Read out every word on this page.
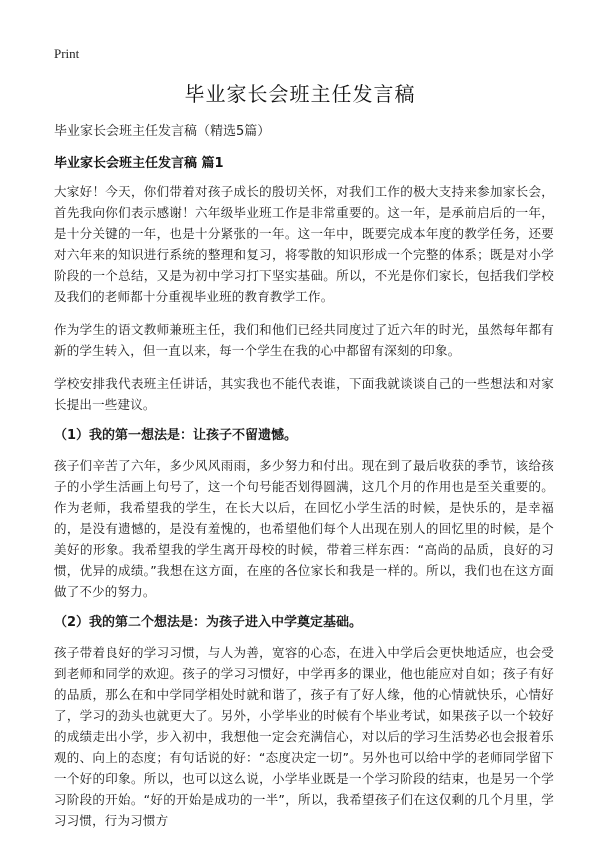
Print
毕业家长会班主任发言稿
毕业家长会班主任发言稿（精选5篇）
毕业家长会班主任发言稿 篇1

大家好！今天，你们带着对孩子成长的殷切关怀，对我们工作的极大支持来参加家长会，首先我向你们表示感谢！六年级毕业班工作是非常重要的。这一年，是承前启后的一年，是十分关键的一年，也是十分紧张的一年。这一年中，既要完成本年度的教学任务，还要对六年来的知识进行系统的整理和复习，将零散的知识形成一个完整的体系；既是对小学阶段的一个总结，又是为初中学习打下坚实基础。所以，不光是你们家长，包括我们学校及我们的老师都十分重视毕业班的教育教学工作。

作为学生的语文教师兼班主任，我们和他们已经共同度过了近六年的时光，虽然每年都有新的学生转入，但一直以来，每一个学生在我的心中都留有深刻的印象。

学校安排我代表班主任讲话，其实我也不能代表谁，下面我就谈谈自己的一些想法和对家长提出一些建议。

（1）我的第一想法是：让孩子不留遗憾。

孩子们辛苦了六年，多少风风雨雨，多少努力和付出。现在到了最后收获的季节，该给孩子的小学生活画上句号了，这一个句号能否划得圆满，这几个月的作用也是至关重要的。作为老师，我希望我的学生，在长大以后，在回忆小学生活的时候，是快乐的，是幸福的，是没有遗憾的，是没有羞愧的，也希望他们每个人出现在别人的回忆里的时候，是个美好的形象。我希望我的学生离开母校的时候，带着三样东西：“高尚的品质，良好的习惯，优异的成绩。”我想在这方面，在座的各位家长和我是一样的。所以，我们也在这方面做了不少的努力。

（2）我的第二个想法是：为孩子进入中学奠定基础。

孩子带着良好的学习习惯，与人为善，宽容的心态，在进入中学后会更快地适应，也会受到老师和同学的欢迎。孩子的学习习惯好，中学再多的课业，他也能应对自如；孩子有好的品质，那么在和中学同学相处时就和谐了，孩子有了好人缘，他的心情就快乐，心情好了，学习的劲头也就更大了。另外，小学毕业的时候有个毕业考试，如果孩子以一个较好的成绩走出小学，步入初中，我想他一定会充满信心，对以后的学习生活势必也会报着乐观的、向上的态度；有句话说的好：“态度决定一切”。另外也可以给中学的老师同学留下一个好的印象。所以，也可以这么说，小学毕业既是一个学习阶段的结束，也是另一个学习阶段的开始。“好的开始是成功的一半”，所以，我希望孩子们在这仅剩的几个月里，学习习惯，行为习惯方
